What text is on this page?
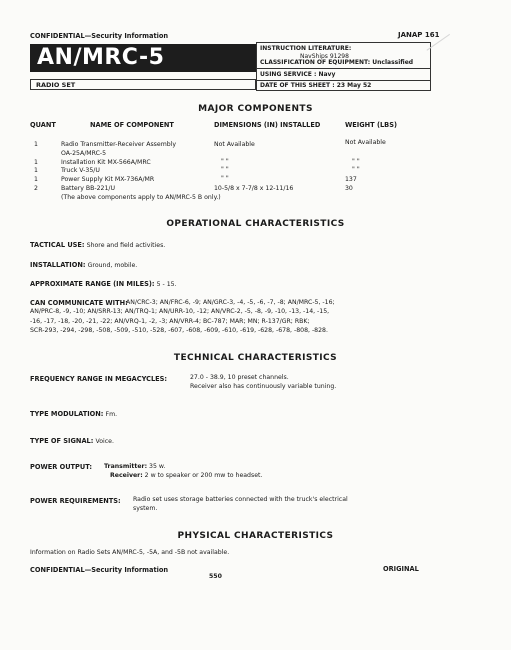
CONFIDENTIAL—Security Information	JANAP 161
AN/MRC-5
RADIO SET
INSTRUCTION LITERATURE:
NavShips 91298
CLASSIFICATION OF EQUIPMENT: Unclassified
USING SERVICE : Navy
DATE OF THIS SHEET : 23 May 52
MAJOR COMPONENTS
QUANT	NAME OF COMPONENT	DIMENSIONS (IN) INSTALLED	WEIGHT (LBS)
1	Radio Transmitter-Receiver Assembly	Not Available	Not Available
OA-25A/MRC-5
1	Installation Kit MX-566A/MRC	" "	" "
1	Truck V-35/U	" "	" "
1	Power Supply Kit MX-736A/MR	" "	137
2	Battery BB-221/U	10-5/8 x 7-7/8 x 12-11/16	30
(The above components apply to AN/MRC-5 B only.)
OPERATIONAL CHARACTERISTICS
TACTICAL USE: Shore and field activities.
INSTALLATION: Ground, mobile.
APPROXIMATE RANGE (IN MILES): 5 - 15.
CAN COMMUNICATE WITH:
AN/CRC-3; AN/FRC-6, -9; AN/GRC-3, -4, -5, -6, -7, -8; AN/MRC-5, -16;
AN/PRC-8, -9, -10; AN/SRR-13; AN/TRQ-1; AN/URR-10, -12; AN/VRC-2, -5, -8, -9, -10, -13, -14, -15,
-16, -17, -18, -20, -21, -22; AN/VRQ-1, -2, -3; AN/VRR-4; BC-787; MAR; MN; R-137/GR; RBK;
SCR-293, -294, -298, -508, -509, -510, -528, -607, -608, -609, -610, -619, -628, -678, -808, -828.
TECHNICAL CHARACTERISTICS
FREQUENCY RANGE IN MEGACYCLES:	27.0 - 38.9, 10 preset channels.
Receiver also has continuously variable tuning.
TYPE MODULATION: Fm.
TYPE OF SIGNAL: Voice.
POWER OUTPUT: Transmitter: 35 w.
Receiver: 2 w to speaker or 200 mw to headset.
POWER REQUIREMENTS: Radio set uses storage batteries connected with the truck's electrical
system.
PHYSICAL CHARACTERISTICS
Information on Radio Sets AN/MRC-5, -5A, and -5B not available.
CONFIDENTIAL—Security Information
550
ORIGINAL
